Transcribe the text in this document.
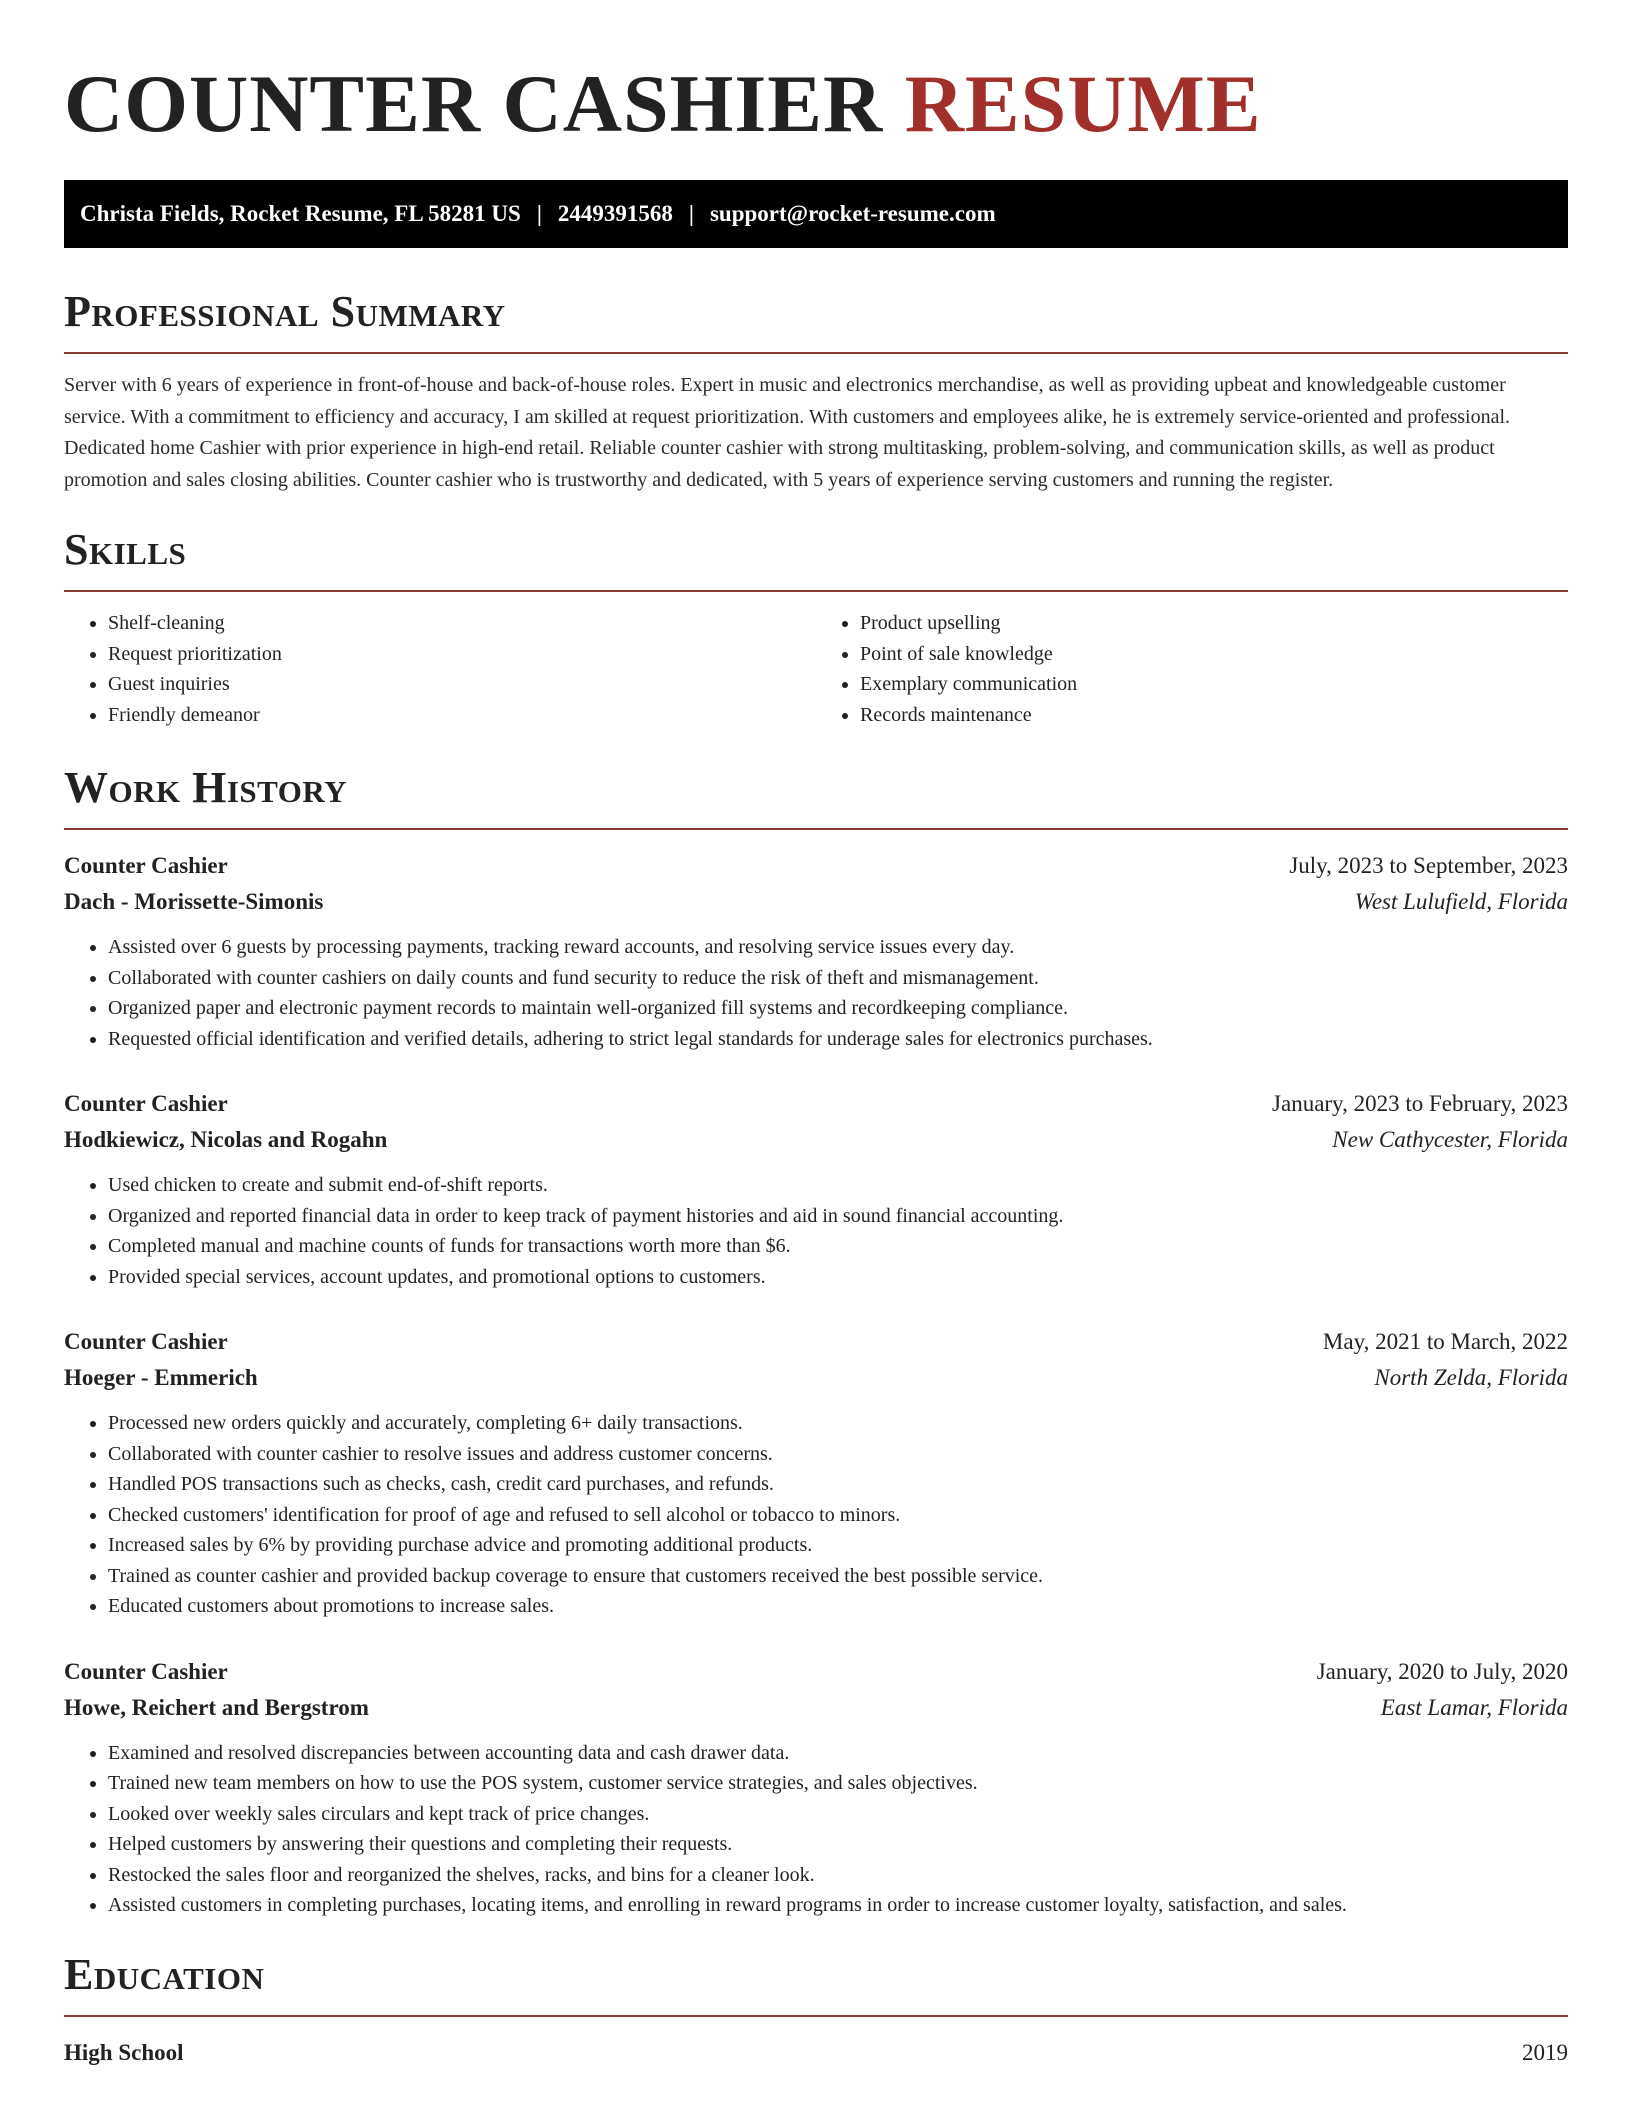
COUNTER CASHIER RESUME
Christa Fields, Rocket Resume, FL 58281 US | 2449391568 | support@rocket-resume.com
Professional Summary

Server with 6 years of experience in front-of-house and back-of-house roles. Expert in music and electronics merchandise, as well as providing upbeat and knowledgeable customer service. With a commitment to efficiency and accuracy, I am skilled at request prioritization. With customers and employees alike, he is extremely service-oriented and professional. Dedicated home Cashier with prior experience in high-end retail. Reliable counter cashier with strong multitasking, problem-solving, and communication skills, as well as product promotion and sales closing abilities. Counter cashier who is trustworthy and dedicated, with 5 years of experience serving customers and running the register.

Skills
• Shelf-cleaning
• Request prioritization
• Guest inquiries
• Friendly demeanor
• Product upselling
• Point of sale knowledge
• Exemplary communication
• Records maintenance
Work History
Counter Cashier	July, 2023 to September, 2023
Dach - Morissette-Simonis	West Lulufield, Florida
• Assisted over 6 guests by processing payments, tracking reward accounts, and resolving service issues every day.
• Collaborated with counter cashiers on daily counts and fund security to reduce the risk of theft and mismanagement.
• Organized paper and electronic payment records to maintain well-organized fill systems and recordkeeping compliance.
• Requested official identification and verified details, adhering to strict legal standards for underage sales for electronics purchases.
Counter Cashier	January, 2023 to February, 2023
Hodkiewicz, Nicolas and Rogahn	New Cathycester, Florida
• Used chicken to create and submit end-of-shift reports.
• Organized and reported financial data in order to keep track of payment histories and aid in sound financial accounting.
• Completed manual and machine counts of funds for transactions worth more than $6.
• Provided special services, account updates, and promotional options to customers.
Counter Cashier	May, 2021 to March, 2022
Hoeger - Emmerich	North Zelda, Florida
• Processed new orders quickly and accurately, completing 6+ daily transactions.
• Collaborated with counter cashier to resolve issues and address customer concerns.
• Handled POS transactions such as checks, cash, credit card purchases, and refunds.
• Checked customers' identification for proof of age and refused to sell alcohol or tobacco to minors.
• Increased sales by 6% by providing purchase advice and promoting additional products.
• Trained as counter cashier and provided backup coverage to ensure that customers received the best possible service.
• Educated customers about promotions to increase sales.
Counter Cashier	January, 2020 to July, 2020
Howe, Reichert and Bergstrom	East Lamar, Florida
• Examined and resolved discrepancies between accounting data and cash drawer data.
• Trained new team members on how to use the POS system, customer service strategies, and sales objectives.
• Looked over weekly sales circulars and kept track of price changes.
• Helped customers by answering their questions and completing their requests.
• Restocked the sales floor and reorganized the shelves, racks, and bins for a cleaner look.
• Assisted customers in completing purchases, locating items, and enrolling in reward programs in order to increase customer loyalty, satisfaction, and sales.
Education
High School	2019
